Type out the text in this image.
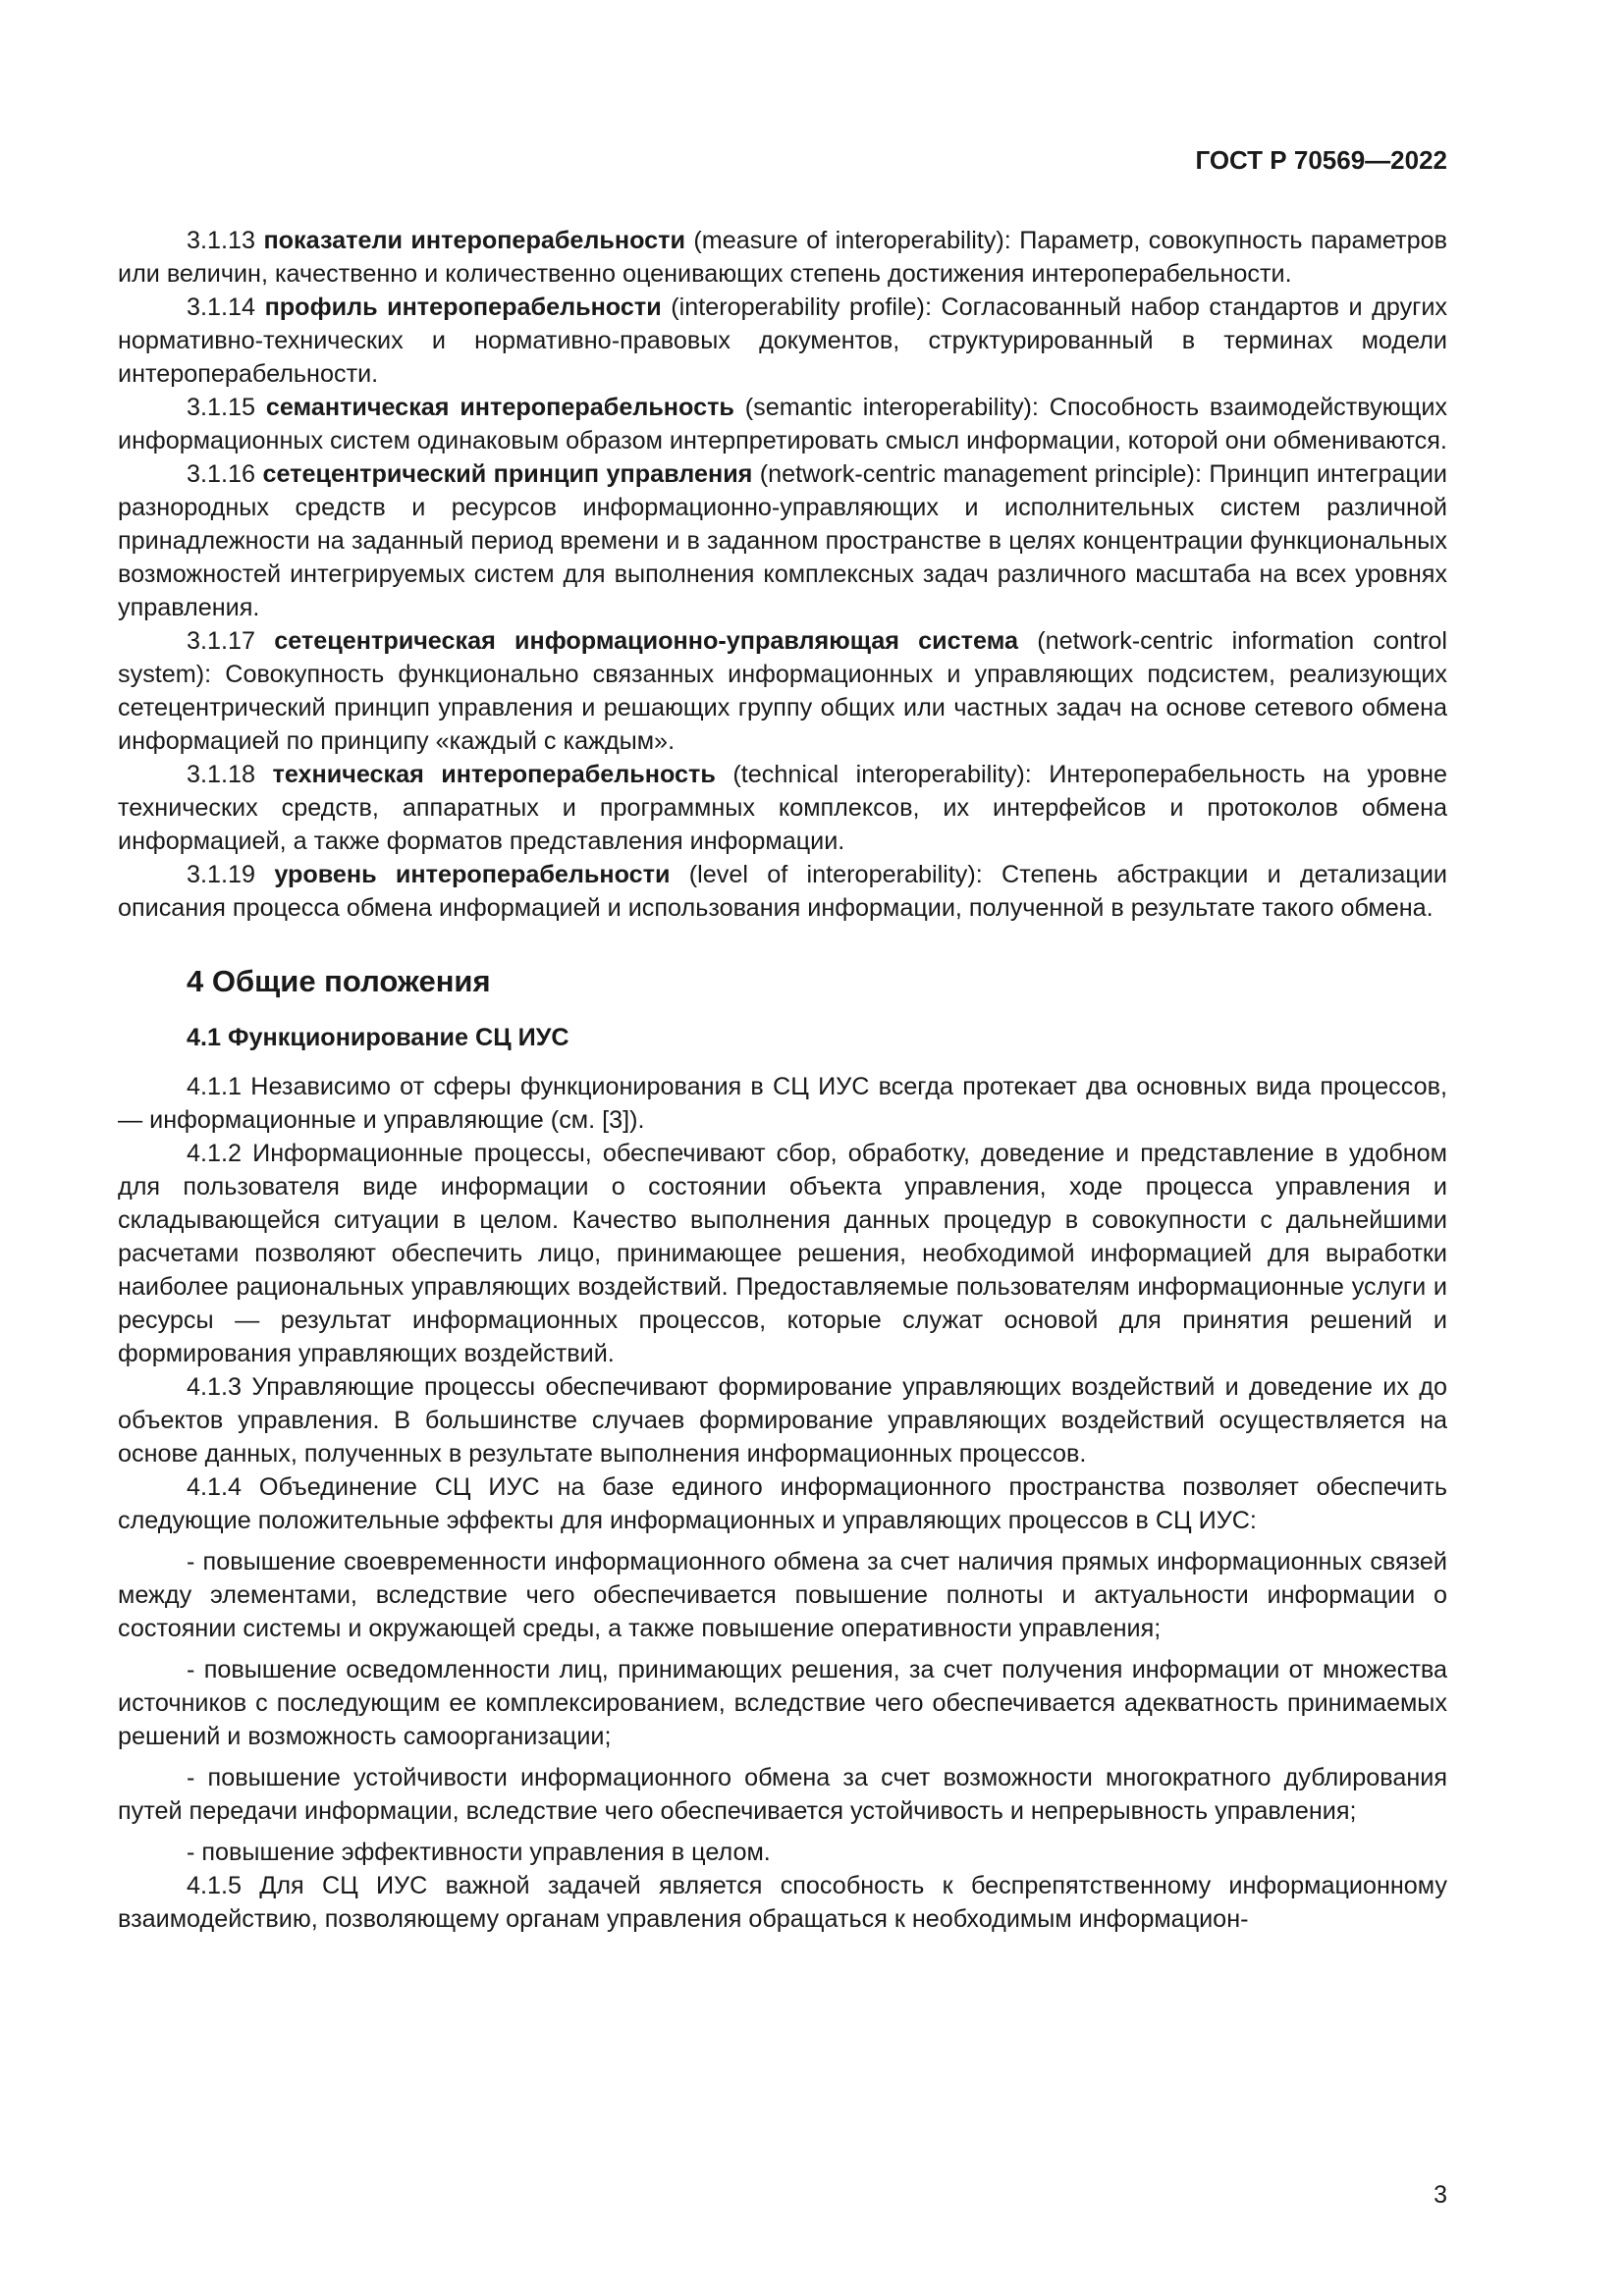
ГОСТ Р 70569—2022

3.1.13 показатели интероперабельности (measure of interoperability): Параметр, совокупность параметров или величин, качественно и количественно оценивающих степень достижения интероперабельности.

3.1.14 профиль интероперабельности (interoperability profile): Согласованный набор стандартов и других нормативно-технических и нормативно-правовых документов, структурированный в терминах модели интероперабельности.

3.1.15 семантическая интероперабельность (semantic interoperability): Способность взаимодействующих информационных систем одинаковым образом интерпретировать смысл информации, которой они обмениваются.

3.1.16 сетецентрический принцип управления (network-centric management principle): Принцип интеграции разнородных средств и ресурсов информационно-управляющих и исполнительных систем различной принадлежности на заданный период времени и в заданном пространстве в целях концентрации функциональных возможностей интегрируемых систем для выполнения комплексных задач различного масштаба на всех уровнях управления.

3.1.17 сетецентрическая информационно-управляющая система (network-centric information control system): Совокупность функционально связанных информационных и управляющих подсистем, реализующих сетецентрический принцип управления и решающих группу общих или частных задач на основе сетевого обмена информацией по принципу «каждый с каждым».

3.1.18 техническая интероперабельность (technical interoperability): Интероперабельность на уровне технических средств, аппаратных и программных комплексов, их интерфейсов и протоколов обмена информацией, а также форматов представления информации.

3.1.19 уровень интероперабельности (level of interoperability): Степень абстракции и детализации описания процесса обмена информацией и использования информации, полученной в результате такого обмена.

4 Общие положения
4.1 Функционирование СЦ ИУС

4.1.1 Независимо от сферы функционирования в СЦ ИУС всегда протекает два основных вида процессов, — информационные и управляющие (см. [3]).

4.1.2 Информационные процессы, обеспечивают сбор, обработку, доведение и представление в удобном для пользователя виде информации о состоянии объекта управления, ходе процесса управления и складывающейся ситуации в целом. Качество выполнения данных процедур в совокупности с дальнейшими расчетами позволяют обеспечить лицо, принимающее решения, необходимой информацией для выработки наиболее рациональных управляющих воздействий. Предоставляемые пользователям информационные услуги и ресурсы — результат информационных процессов, которые служат основой для принятия решений и формирования управляющих воздействий.

4.1.3 Управляющие процессы обеспечивают формирование управляющих воздействий и доведение их до объектов управления. В большинстве случаев формирование управляющих воздействий осуществляется на основе данных, полученных в результате выполнения информационных процессов.

4.1.4 Объединение СЦ ИУС на базе единого информационного пространства позволяет обеспечить следующие положительные эффекты для информационных и управляющих процессов в СЦ ИУС:

- повышение своевременности информационного обмена за счет наличия прямых информационных связей между элементами, вследствие чего обеспечивается повышение полноты и актуальности информации о состоянии системы и окружающей среды, а также повышение оперативности управления;

- повышение осведомленности лиц, принимающих решения, за счет получения информации от множества источников с последующим ее комплексированием, вследствие чего обеспечивается адекватность принимаемых решений и возможность самоорганизации;

- повышение устойчивости информационного обмена за счет возможности многократного дублирования путей передачи информации, вследствие чего обеспечивается устойчивость и непрерывность управления;

- повышение эффективности управления в целом.

4.1.5 Для СЦ ИУС важной задачей является способность к беспрепятственному информационному взаимодействию, позволяющему органам управления обращаться к необходимым информацион-

3
